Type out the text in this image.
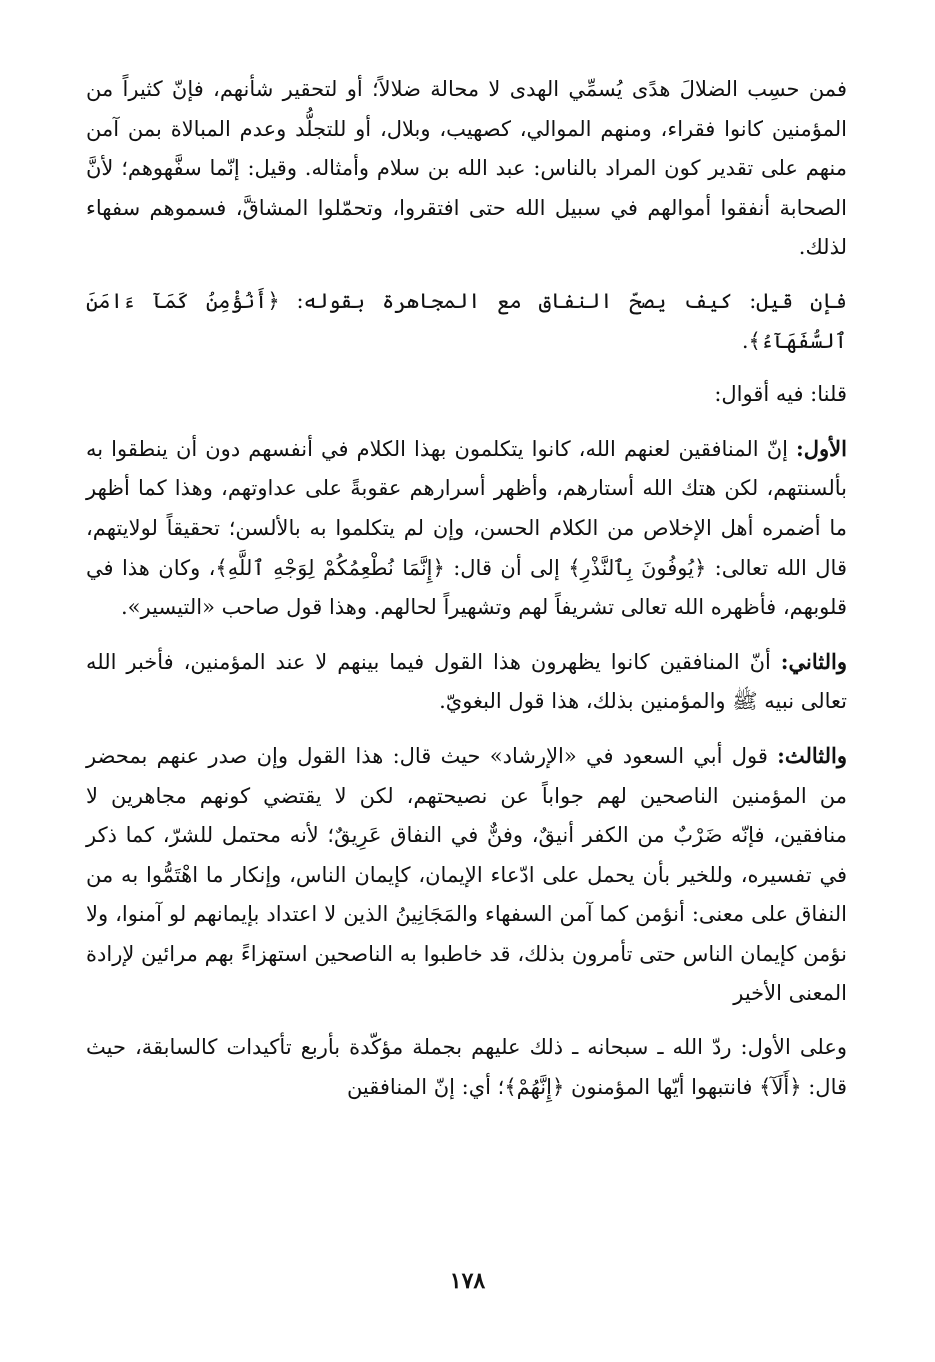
فمن حسِب الضلالَ هدًى يُسمِّي الهدى لا محالة ضلالاً؛ أو لتحقير شأنهم، فإنّ كثيراً من المؤمنين كانوا فقراء، ومنهم الموالي، كصهيب، وبلال، أو للتجلُّد وعدم المبالاة بمن آمن منهم على تقدير كون المراد بالناس: عبد الله بن سلام وأمثاله. وقيل: إنّما سفَّهوهم؛ لأنَّ الصحابة أنفقوا أموالهم في سبيل الله حتى افتقروا، وتحمّلوا المشاقَّ، فسموهم سفهاء لذلك.

فإن قيل: كيف يصحّ النفاق مع المجاهرة بقوله: ﴿أَنُؤْمِنُ كَمَآ ءَامَنَ ٱلسُّفَهَآءُ﴾.

قلنا: فيه أقوال:

الأول: إنّ المنافقين لعنهم الله، كانوا يتكلمون بهذا الكلام في أنفسهم دون أن ينطقوا به بألسنتهم، لكن هتك الله أستارهم، وأظهر أسرارهم عقوبةً على عداوتهم، وهذا كما أظهر ما أضمره أهل الإخلاص من الكلام الحسن، وإن لم يتكلموا به بالألسن؛ تحقيقاً لولايتهم، قال الله تعالى: ﴿يُوفُونَ بِٱلنَّذْرِ﴾ إلى أن قال: ﴿إِنَّمَا نُطْعِمُكُمْ لِوَجْهِ ٱللَّهِ﴾، وكان هذا في قلوبهم، فأظهره الله تعالى تشريفاً لهم وتشهيراً لحالهم. وهذا قول صاحب «التيسير».

والثاني: أنّ المنافقين كانوا يظهرون هذا القول فيما بينهم لا عند المؤمنين، فأخبر الله تعالى نبيه ﷺ والمؤمنين بذلك، هذا قول البغويّ.

والثالث: قول أبي السعود في «الإرشاد» حيث قال: هذا القول وإن صدر عنهم بمحضر من المؤمنين الناصحين لهم جواباً عن نصيحتهم، لكن لا يقتضي كونهم مجاهرين لا منافقين، فإنّه ضَرْبٌ من الكفر أنيقٌ، وفنٌّ في النفاق عَرِيقٌ؛ لأنه محتمل للشرّ، كما ذكر في تفسيره، وللخير بأن يحمل على ادّعاء الإيمان، كإيمان الناس، وإنكار ما اهْتَمُّوا به من النفاق على معنى: أنؤمن كما آمن السفهاء والمَجَانِينُ الذين لا اعتداد بإيمانهم لو آمنوا، ولا نؤمن كإيمان الناس حتى تأمرون بذلك، قد خاطبوا به الناصحين استهزاءً بهم مرائين لإرادة المعنى الأخير

وعلى الأول: ردّ الله ـ سبحانه ـ ذلك عليهم بجملة مؤكّدة بأربع تأكيدات كالسابقة، حيث قال: ﴿أَلَآ﴾ فانتبهوا أيّها المؤمنون ﴿إِنَّهُمْ﴾؛ أي: إنّ المنافقين

١٧٨
